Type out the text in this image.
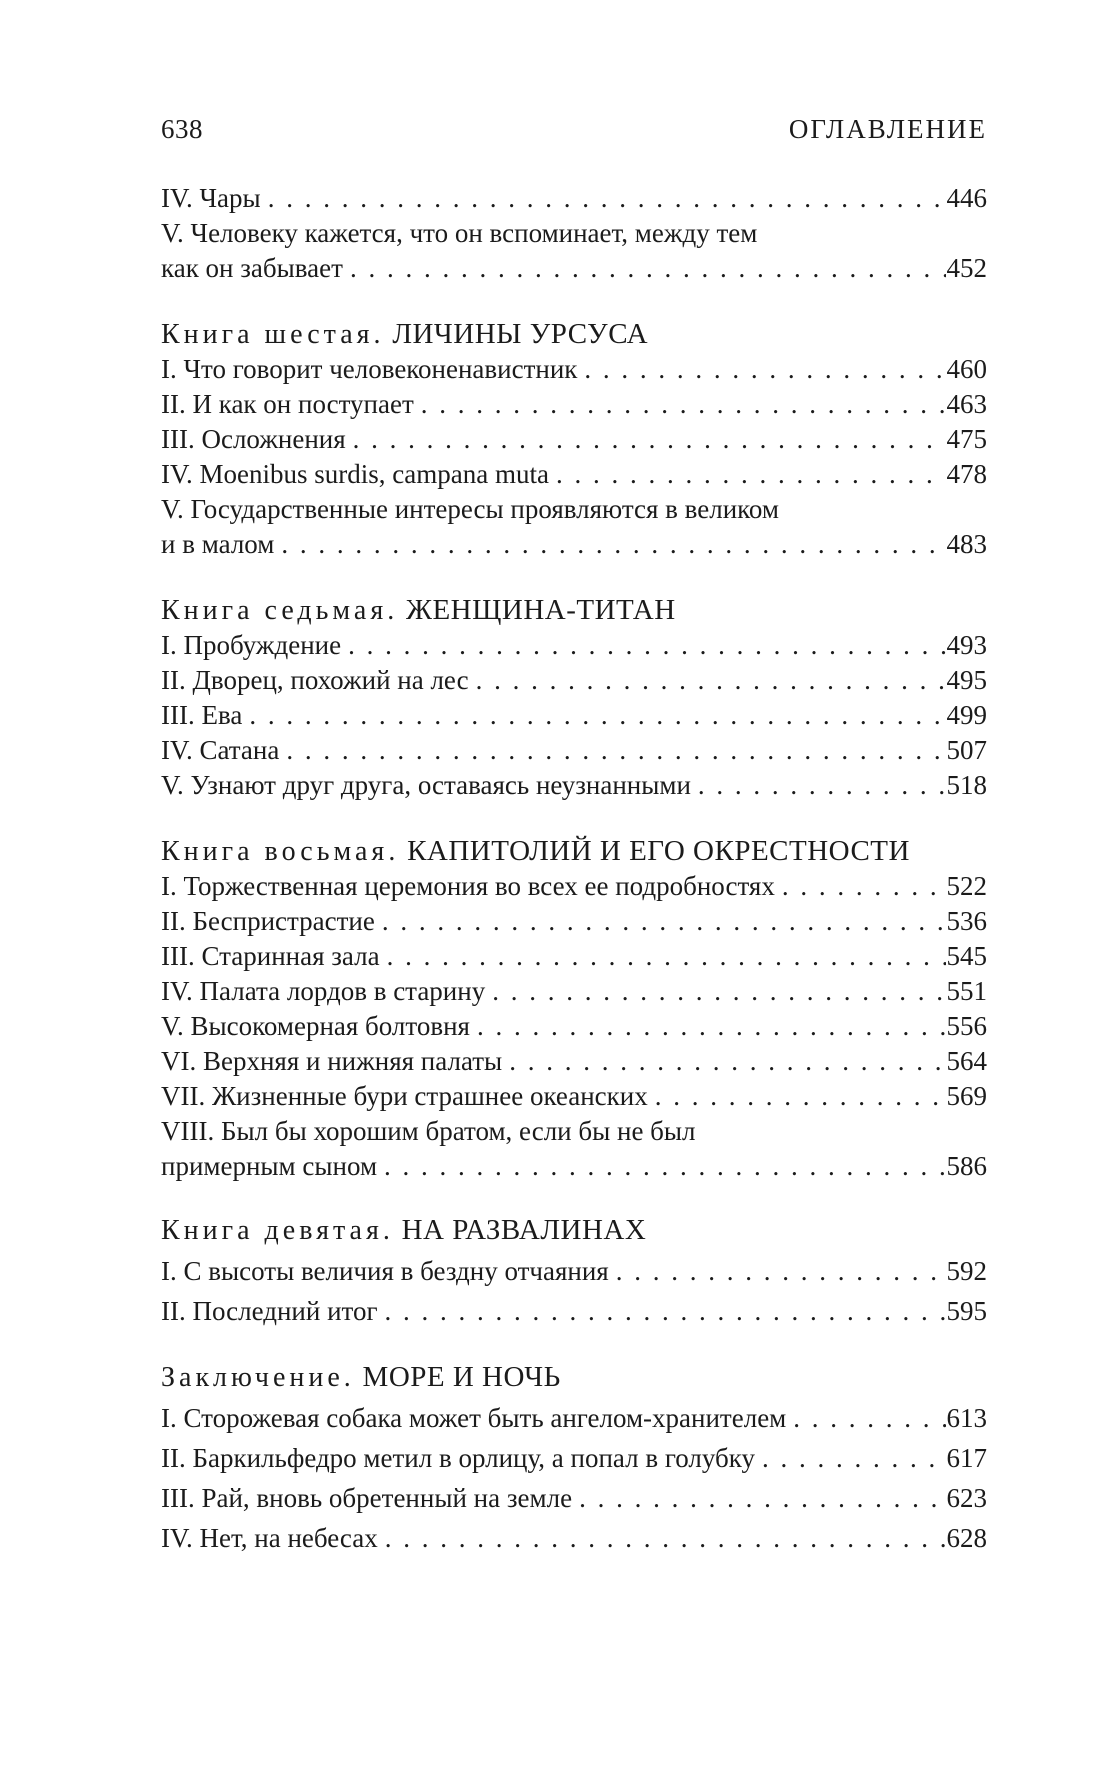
638	ОГЛАВЛЕНИЕ
IV. Чары . . .	446
V. Человеку кажется, что он вспоминает, между тем
как он забывает . . .	452
Книга шестая. ЛИЧИНЫ УРСУСА
I. Что говорит человеконенавистник . . .	460
II. И как он поступает . . .	463
III. Осложнения . . .	475
IV. Moenibus surdis, campana muta . . .	478
V. Государственные интересы проявляются в великом
и в малом . . .	483
Книга седьмая. ЖЕНЩИНА-ТИТАН
I. Пробуждение . . .	493
II. Дворец, похожий на лес . . .	495
III. Ева . . .	499
IV. Сатана . . .	507
V. Узнают друг друга, оставаясь неузнанными . . .	518
Книга восьмая. КАПИТОЛИЙ И ЕГО ОКРЕСТНОСТИ
I. Торжественная церемония во всех ее подробностях . . .	522
II. Беспристрастие . . .	536
III. Старинная зала . . .	545
IV. Палата лордов в старину . . .	551
V. Высокомерная болтовня . . .	556
VI. Верхняя и нижняя палаты . . .	564
VII. Жизненные бури страшнее океанских . . .	569
VIII. Был бы хорошим братом, если бы не был
примерным сыном . . .	586
Книга девятая. НА РАЗВАЛИНАХ
I. С высоты величия в бездну отчаяния . . .	592
II. Последний итог . . .	595
Заключение. МОРЕ И НОЧЬ
I. Сторожевая собака может быть ангелом-хранителем . . .	613
II. Баркильфедро метил в орлицу, а попал в голубку . . .	617
III. Рай, вновь обретенный на земле . . .	623
IV. Нет, на небесах . . .	628
